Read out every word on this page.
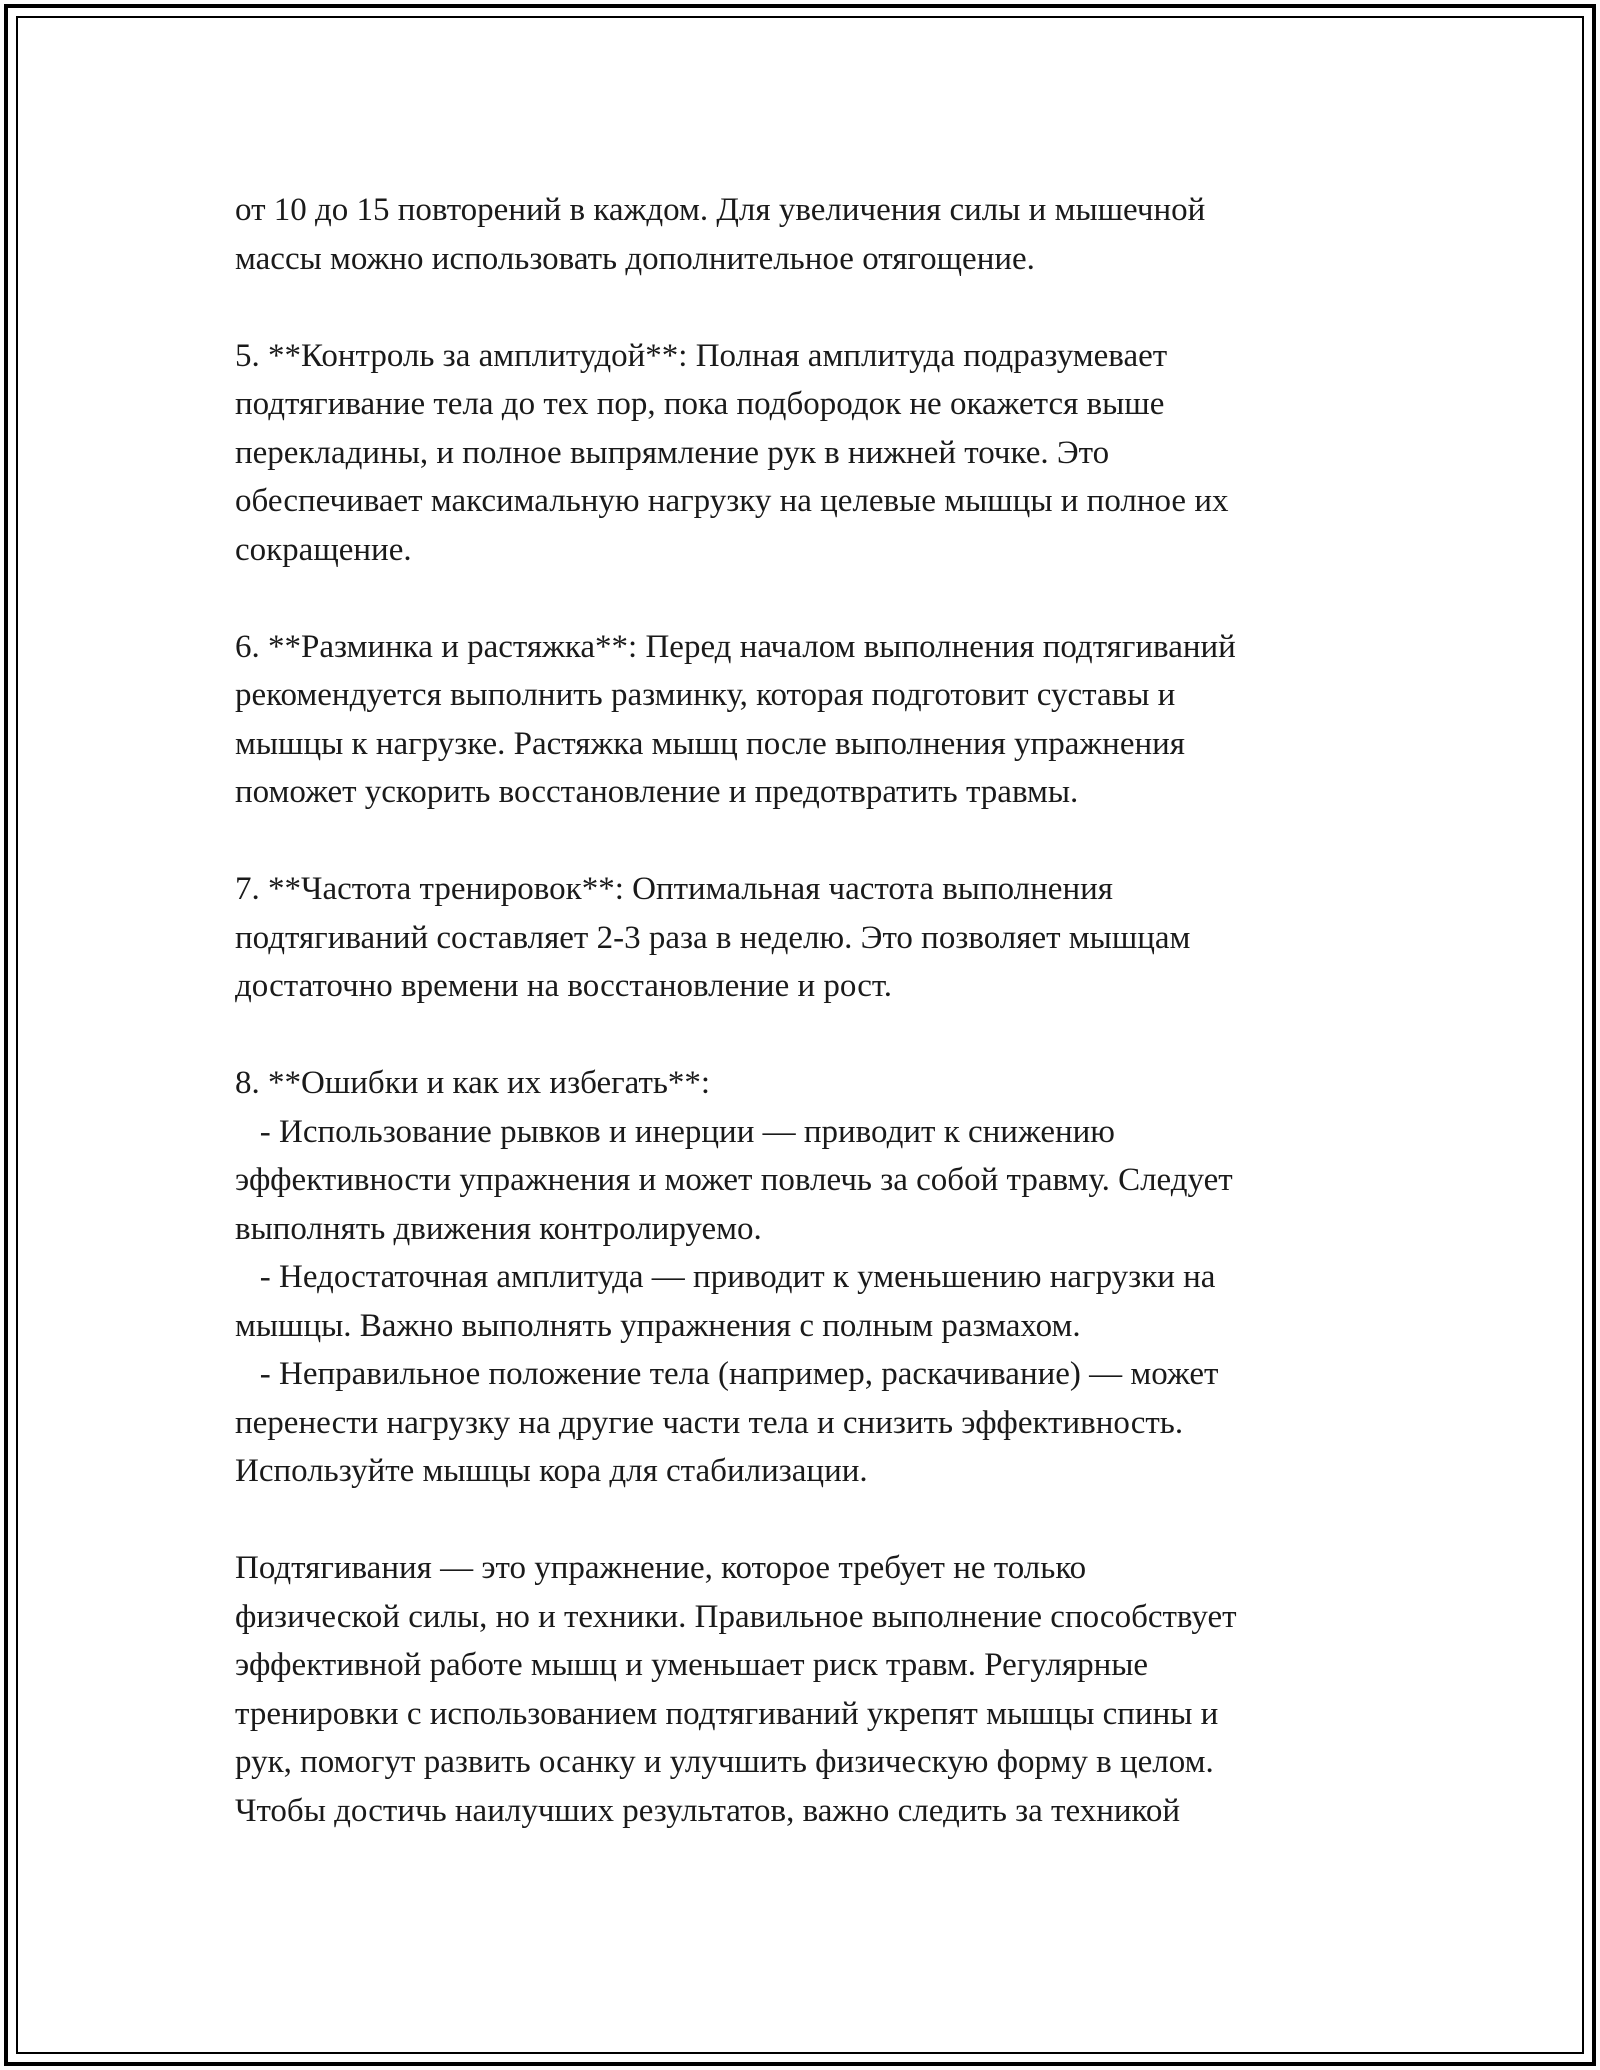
от 10 до 15 повторений в каждом. Для увеличения силы и мышечной
массы можно использовать дополнительное отягощение.
5. **Контроль за амплитудой**: Полная амплитуда подразумевает
подтягивание тела до тех пор, пока подбородок не окажется выше
перекладины, и полное выпрямление рук в нижней точке. Это
обеспечивает максимальную нагрузку на целевые мышцы и полное их
сокращение.
6. **Разминка и растяжка**: Перед началом выполнения подтягиваний
рекомендуется выполнить разминку, которая подготовит суставы и
мышцы к нагрузке. Растяжка мышц после выполнения упражнения
поможет ускорить восстановление и предотвратить травмы.
7. **Частота тренировок**: Оптимальная частота выполнения
подтягиваний составляет 2-3 раза в неделю. Это позволяет мышцам
достаточно времени на восстановление и рост.
8. **Ошибки и как их избегать**:
- Использование рывков и инерции — приводит к снижению
эффективности упражнения и может повлечь за собой травму. Следует
выполнять движения контролируемо.
- Недостаточная амплитуда — приводит к уменьшению нагрузки на
мышцы. Важно выполнять упражнения с полным размахом.
- Неправильное положение тела (например, раскачивание) — может
перенести нагрузку на другие части тела и снизить эффективность.
Используйте мышцы кора для стабилизации.
Подтягивания — это упражнение, которое требует не только
физической силы, но и техники. Правильное выполнение способствует
эффективной работе мышц и уменьшает риск травм. Регулярные
тренировки с использованием подтягиваний укрепят мышцы спины и
рук, помогут развить осанку и улучшить физическую форму в целом.
Чтобы достичь наилучших результатов, важно следить за техникой
